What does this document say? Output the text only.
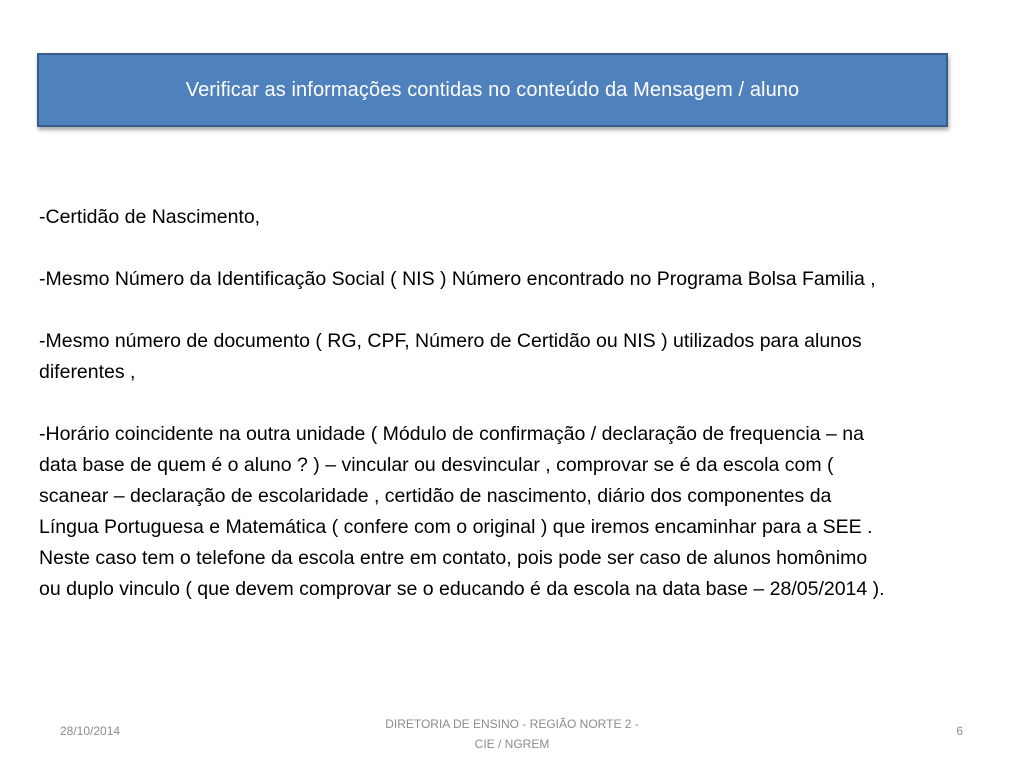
Verificar as informações contidas no conteúdo da Mensagem / aluno

-Certidão de Nascimento,

-Mesmo Número da Identificação Social ( NIS ) Número encontrado no Programa Bolsa Familia ,

-Mesmo número de documento ( RG, CPF, Número de Certidão ou NIS ) utilizados para alunos diferentes ,

-Horário coincidente na outra unidade ( Módulo de confirmação / declaração de frequencia – na data base de quem é o aluno ? ) – vincular ou desvincular , comprovar se é da escola com ( scanear – declaração de escolaridade , certidão de nascimento, diário dos componentes da Língua Portuguesa e Matemática ( confere com o original ) que iremos encaminhar para a SEE . Neste caso tem o telefone da escola entre em contato, pois pode ser caso de alunos homônimo ou duplo vinculo ( que devem comprovar se o educando é da escola na data base – 28/05/2014 ).

28/10/2014	DIRETORIA DE ENSINO - REGIÃO NORTE 2 -
CIE / NGREM
6
